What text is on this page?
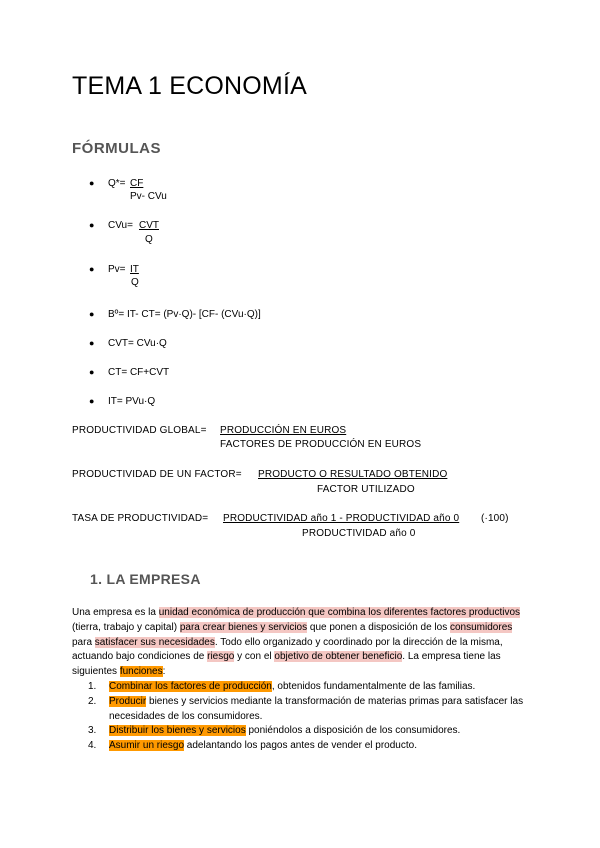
TEMA 1 ECONOMÍA
FÓRMULAS
● Q*= CF
Pv- CVu
● CVu= CVT
Q
● Pv= IT
Q
● Bº= IT- CT= (Pv·Q)- [CF- (CVu·Q)]
● CVT= CVu·Q
● CT= CF+CVT
● IT= PVu·Q
PRODUCTIVIDAD GLOBAL= PRODUCCIÓN EN EUROS
FACTORES DE PRODUCCIÓN EN EUROS
PRODUCTIVIDAD DE UN FACTOR= PRODUCTO O RESULTADO OBTENIDO
FACTOR UTILIZADO
TASA DE PRODUCTIVIDAD= PRODUCTIVIDAD año 1 - PRODUCTIVIDAD año 0 (·100)
PRODUCTIVIDAD año 0
1. LA EMPRESA

Una empresa es la unidad económica de producción que combina los diferentes factores productivos (tierra, trabajo y capital) para crear bienes y servicios que ponen a disposición de los consumidores para satisfacer sus necesidades. Todo ello organizado y coordinado por la dirección de la misma, actuando bajo condiciones de riesgo y con el objetivo de obtener beneficio. La empresa tiene las siguientes funciones:

1. Combinar los factores de producción, obtenidos fundamentalmente de las familias.
2. Producir bienes y servicios mediante la transformación de materias primas para satisfacer las necesidades de los consumidores.
3. Distribuir los bienes y servicios poniéndolos a disposición de los consumidores.
4. Asumir un riesgo adelantando los pagos antes de vender el producto.
